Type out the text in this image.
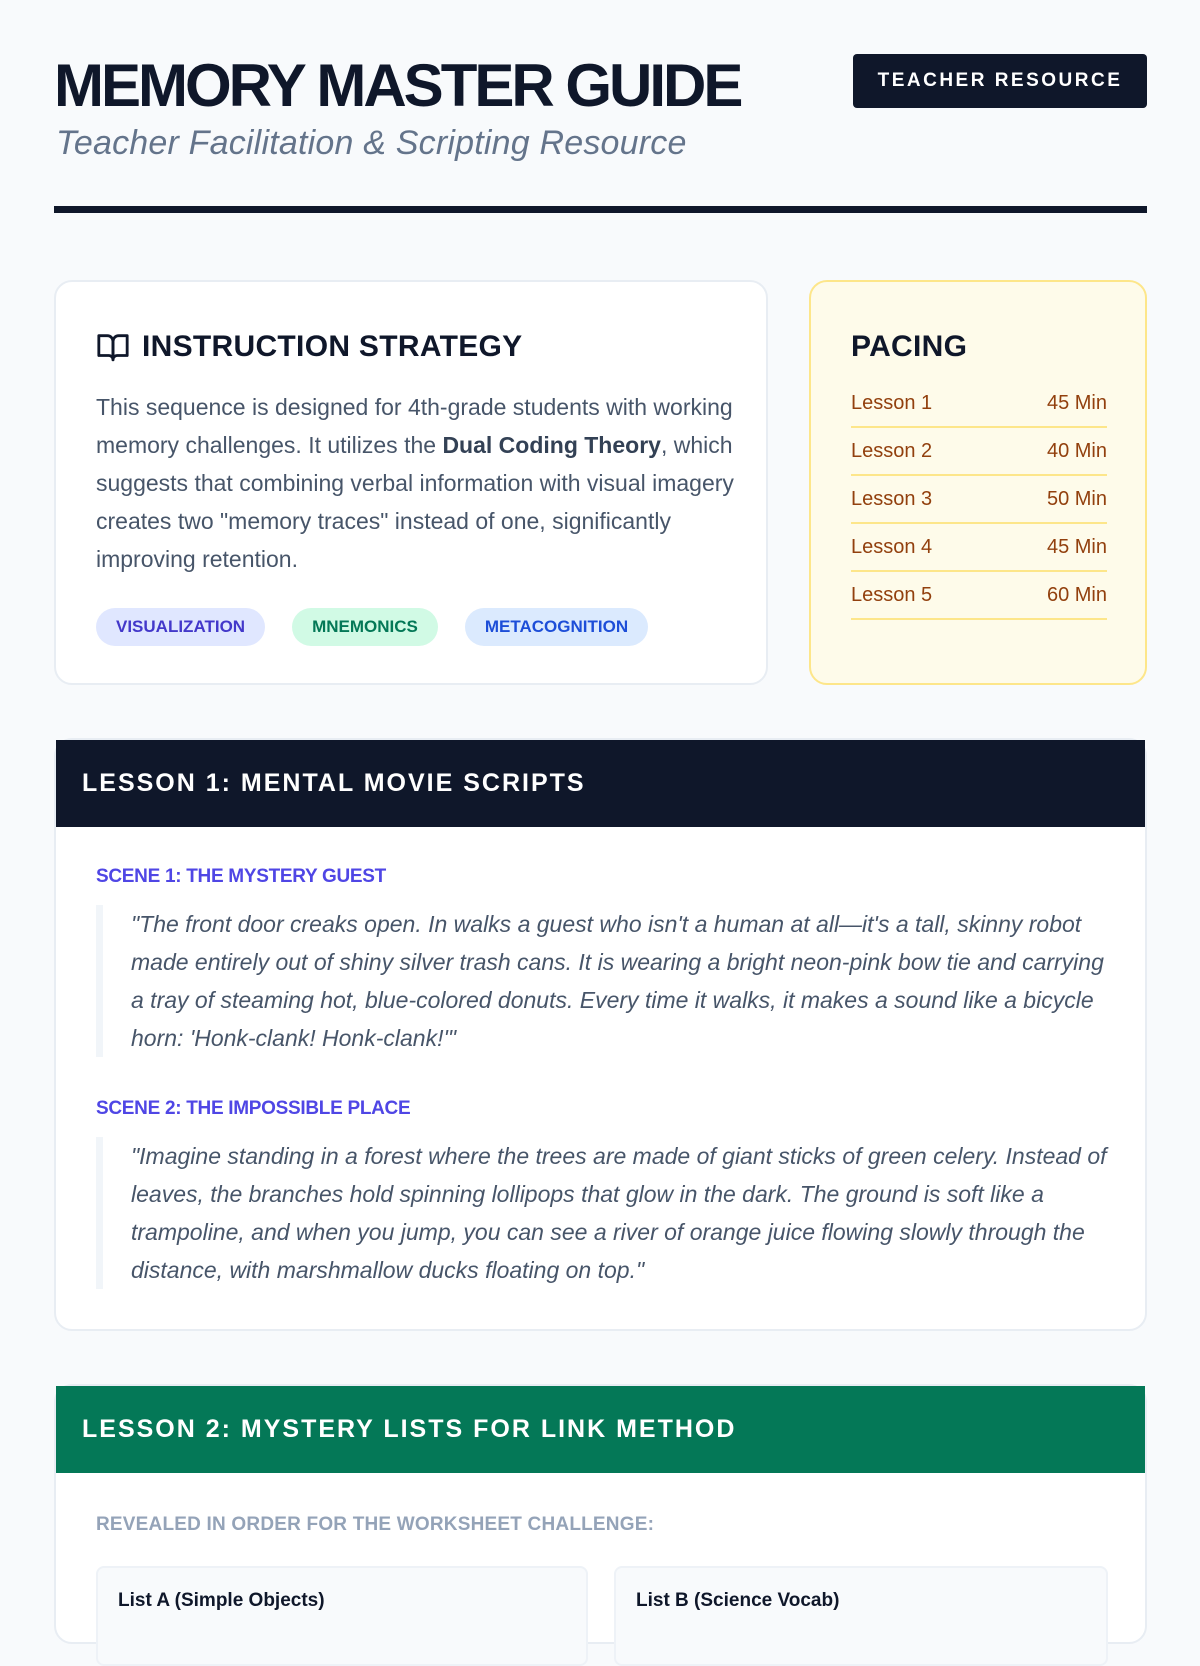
MEMORY MASTER GUIDE
Teacher Facilitation & Scripting Resource
TEACHER RESOURCE
INSTRUCTION STRATEGY

This sequence is designed for 4th-grade students with working memory challenges. It utilizes the Dual Coding Theory, which suggests that combining verbal information with visual imagery creates two "memory traces" instead of one, significantly improving retention.

VISUALIZATION	MNEMONICS	METACOGNITION
PACING
Lesson 1	45 Min
Lesson 2	40 Min
Lesson 3	50 Min
Lesson 4	45 Min
Lesson 5	60 Min
LESSON 1: MENTAL MOVIE SCRIPTS
SCENE 1: THE MYSTERY GUEST
"The front door creaks open. In walks a guest who isn't a human at all—it's a tall, skinny robot made entirely out of shiny silver trash cans. It is wearing a bright neon-pink bow tie and carrying a tray of steaming hot, blue-colored donuts. Every time it walks, it makes a sound like a bicycle horn: 'Honk-clank! Honk-clank!'"
SCENE 2: THE IMPOSSIBLE PLACE
"Imagine standing in a forest where the trees are made of giant sticks of green celery. Instead of leaves, the branches hold spinning lollipops that glow in the dark. The ground is soft like a trampoline, and when you jump, you can see a river of orange juice flowing slowly through the distance, with marshmallow ducks floating on top."
LESSON 2: MYSTERY LISTS FOR LINK METHOD
REVEALED IN ORDER FOR THE WORKSHEET CHALLENGE:
List A (Simple Objects)	List B (Science Vocab)
